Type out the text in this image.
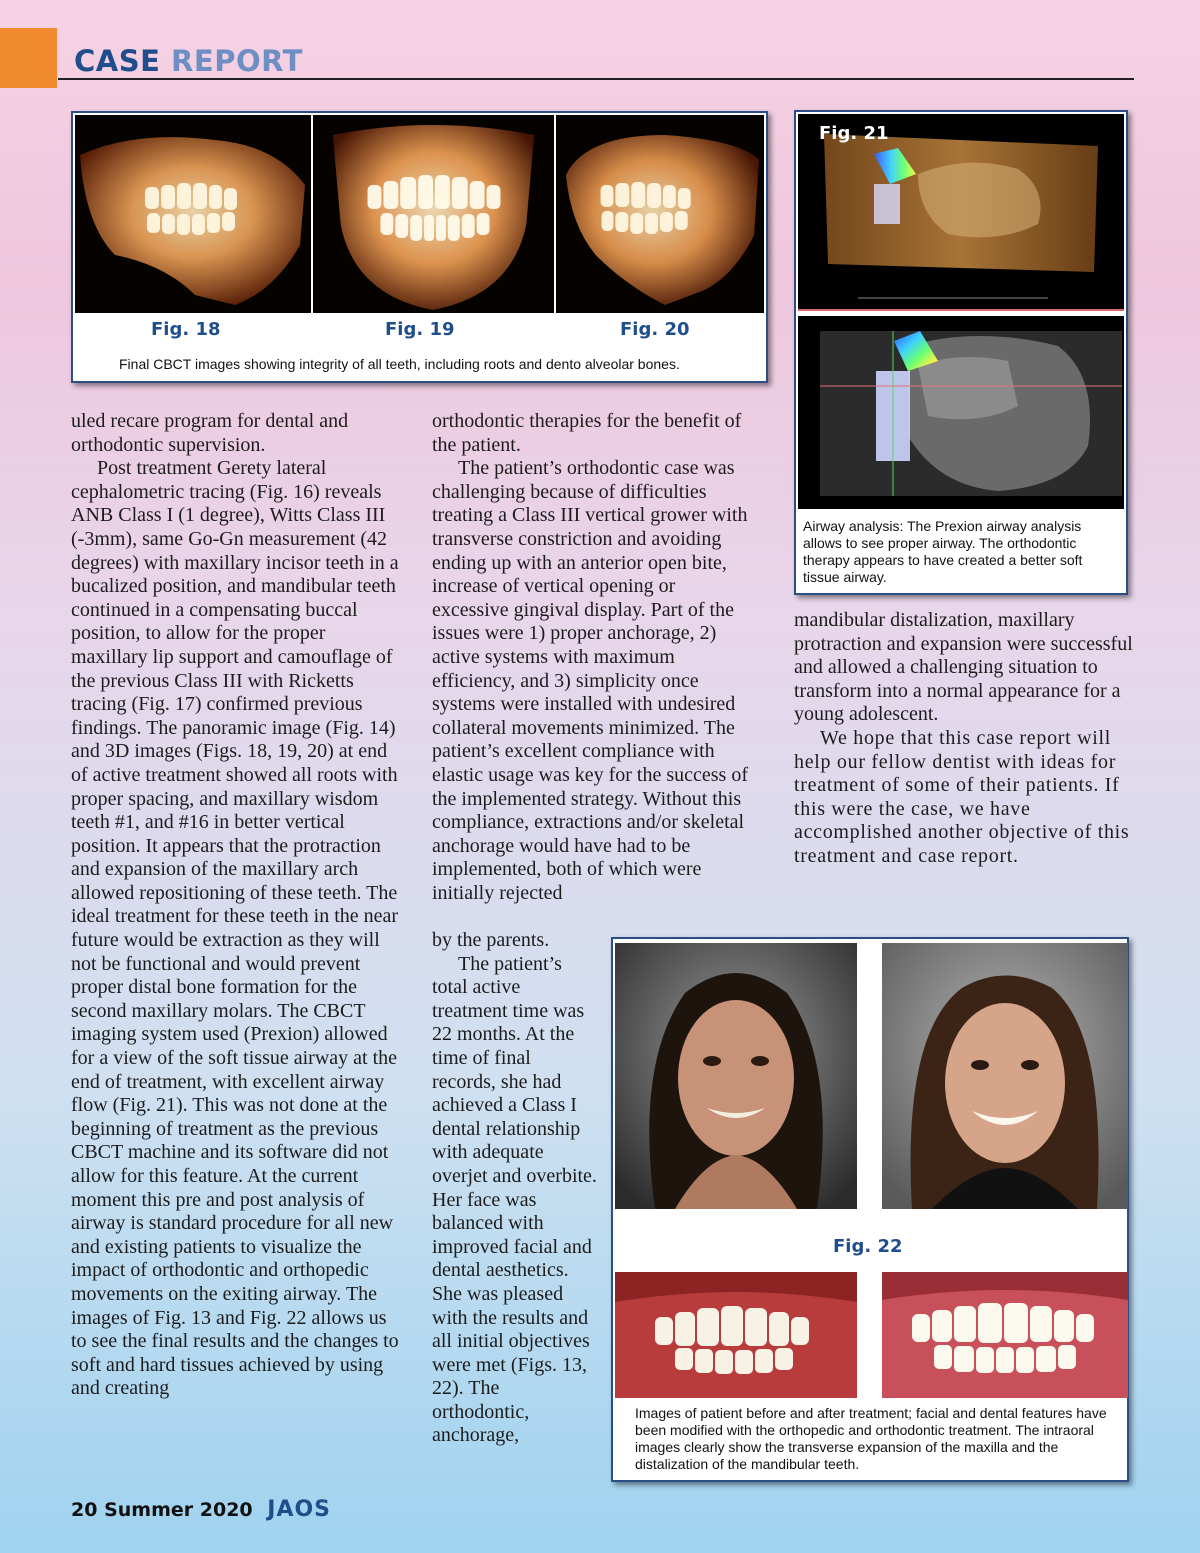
CASE REPORT
Fig. 18	Fig. 19	Fig. 20
Final CBCT images showing integrity of all teeth, including roots and dento alveolar bones.
Fig. 21
Airway analysis: The Prexion airway analysis allows to see proper airway. The orthodontic therapy appears to have created a better soft tissue airway.
Fig. 22
Images of patient before and after treatment; facial and dental features have been modified with the orthopedic and orthodontic treatment. The intraoral images clearly show the transverse expansion of the maxilla and the distalization of the mandibular teeth.

uled recare program for dental and orthodontic supervision.

Post treatment Gerety lateral cephalometric tracing (Fig. 16) reveals ANB Class I (1 degree), Witts Class III (-3mm), same Go-Gn measurement (42 degrees) with maxillary incisor teeth in a bucalized position, and mandibular teeth continued in a compensating buccal position, to allow for the proper maxillary lip support and camouflage of the previous Class III with Ricketts tracing (Fig. 17) confirmed previous findings. The panoramic image (Fig. 14) and 3D images (Figs. 18, 19, 20) at end of active treatment showed all roots with proper spacing, and maxillary wisdom teeth #1, and #16 in better vertical position. It appears that the protraction and expansion of the maxillary arch allowed repositioning of these teeth. The ideal treatment for these teeth in the near future would be extraction as they will not be functional and would prevent proper distal bone formation for the second maxillary molars. The CBCT imaging system used (Prexion) allowed for a view of the soft tissue airway at the end of treatment, with excellent airway flow (Fig. 21). This was not done at the beginning of treatment as the previous CBCT machine and its software did not allow for this feature. At the current moment this pre and post analysis of airway is standard procedure for all new and existing patients to visualize the impact of orthodontic and orthopedic movements on the exiting airway. The images of Fig. 13 and Fig. 22 allows us to see the final results and the changes to soft and hard tissues achieved by using and creating

orthodontic therapies for the benefit of the patient.

The patient’s orthodontic case was challenging because of difficulties treating a Class III vertical grower with transverse constriction and avoiding ending up with an anterior open bite, increase of vertical opening or excessive gingival display. Part of the issues were 1) proper anchorage, 2) active systems with maximum efficiency, and 3) simplicity once systems were installed with undesired collateral movements minimized. The patient’s excellent compliance with elastic usage was key for the success of the implemented strategy. Without this compliance, extractions and/or skeletal anchorage would have had to be implemented, both of which were initially rejected

by the parents.

The patient’s total active treatment time was 22 months. At the time of final records, she had achieved a Class I dental relationship with adequate overjet and overbite. Her face was balanced with improved facial and dental aesthetics. She was pleased with the results and all initial objectives were met (Figs. 13, 22). The orthodontic, anchorage,

mandibular distalization, maxillary protraction and expansion were successful and allowed a challenging situation to transform into a normal appearance for a young adolescent.

We hope that this case report will help our fellow dentist with ideas for treatment of some of their patients. If this were the case, we have accomplished another objective of this treatment and case report.

20 Summer 2020 JAOS
